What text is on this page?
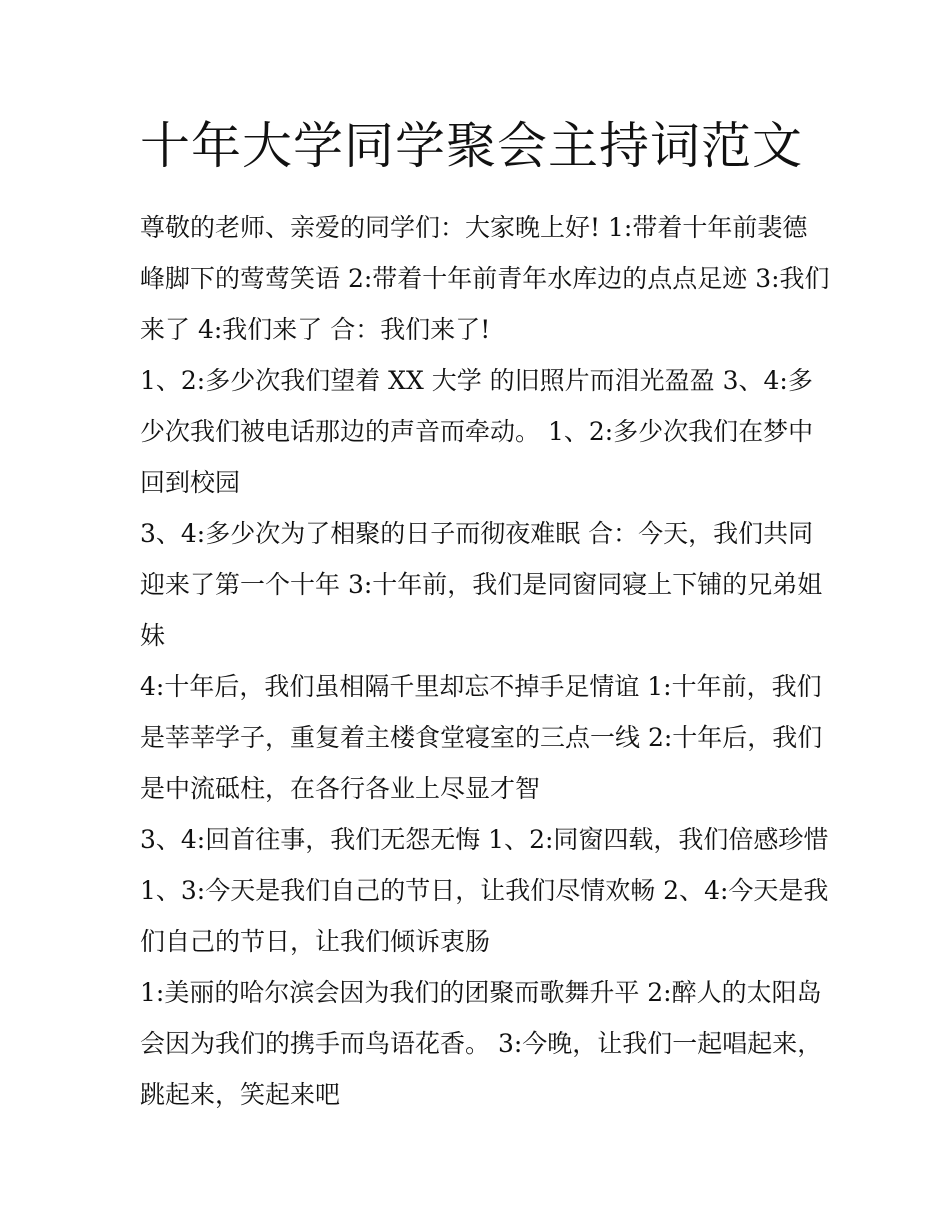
十年大学同学聚会主持词范文

尊敬的老师、亲爱的同学们：大家晚上好! 1:带着十年前裴德峰脚下的莺莺笑语 2:带着十年前青年水库边的点点足迹 3:我们来了 4:我们来了 合：我们来了!

1、2:多少次我们望着 XX 大学 的旧照片而泪光盈盈 3、4:多少次我们被电话那边的声音而牵动。 1、2:多少次我们在梦中回到校园

3、4:多少次为了相聚的日子而彻夜难眠 合：今天，我们共同迎来了第一个十年 3:十年前，我们是同窗同寝上下铺的兄弟姐妹

4:十年后，我们虽相隔千里却忘不掉手足情谊 1:十年前，我们是莘莘学子，重复着主楼食堂寝室的三点一线 2:十年后，我们是中流砥柱，在各行各业上尽显才智

3、4:回首往事，我们无怨无悔 1、2:同窗四载，我们倍感珍惜

1、3:今天是我们自己的节日，让我们尽情欢畅 2、4:今天是我们自己的节日，让我们倾诉衷肠

1:美丽的哈尔滨会因为我们的团聚而歌舞升平 2:醉人的太阳岛会因为我们的携手而鸟语花香。 3:今晚，让我们一起唱起来，跳起来，笑起来吧
